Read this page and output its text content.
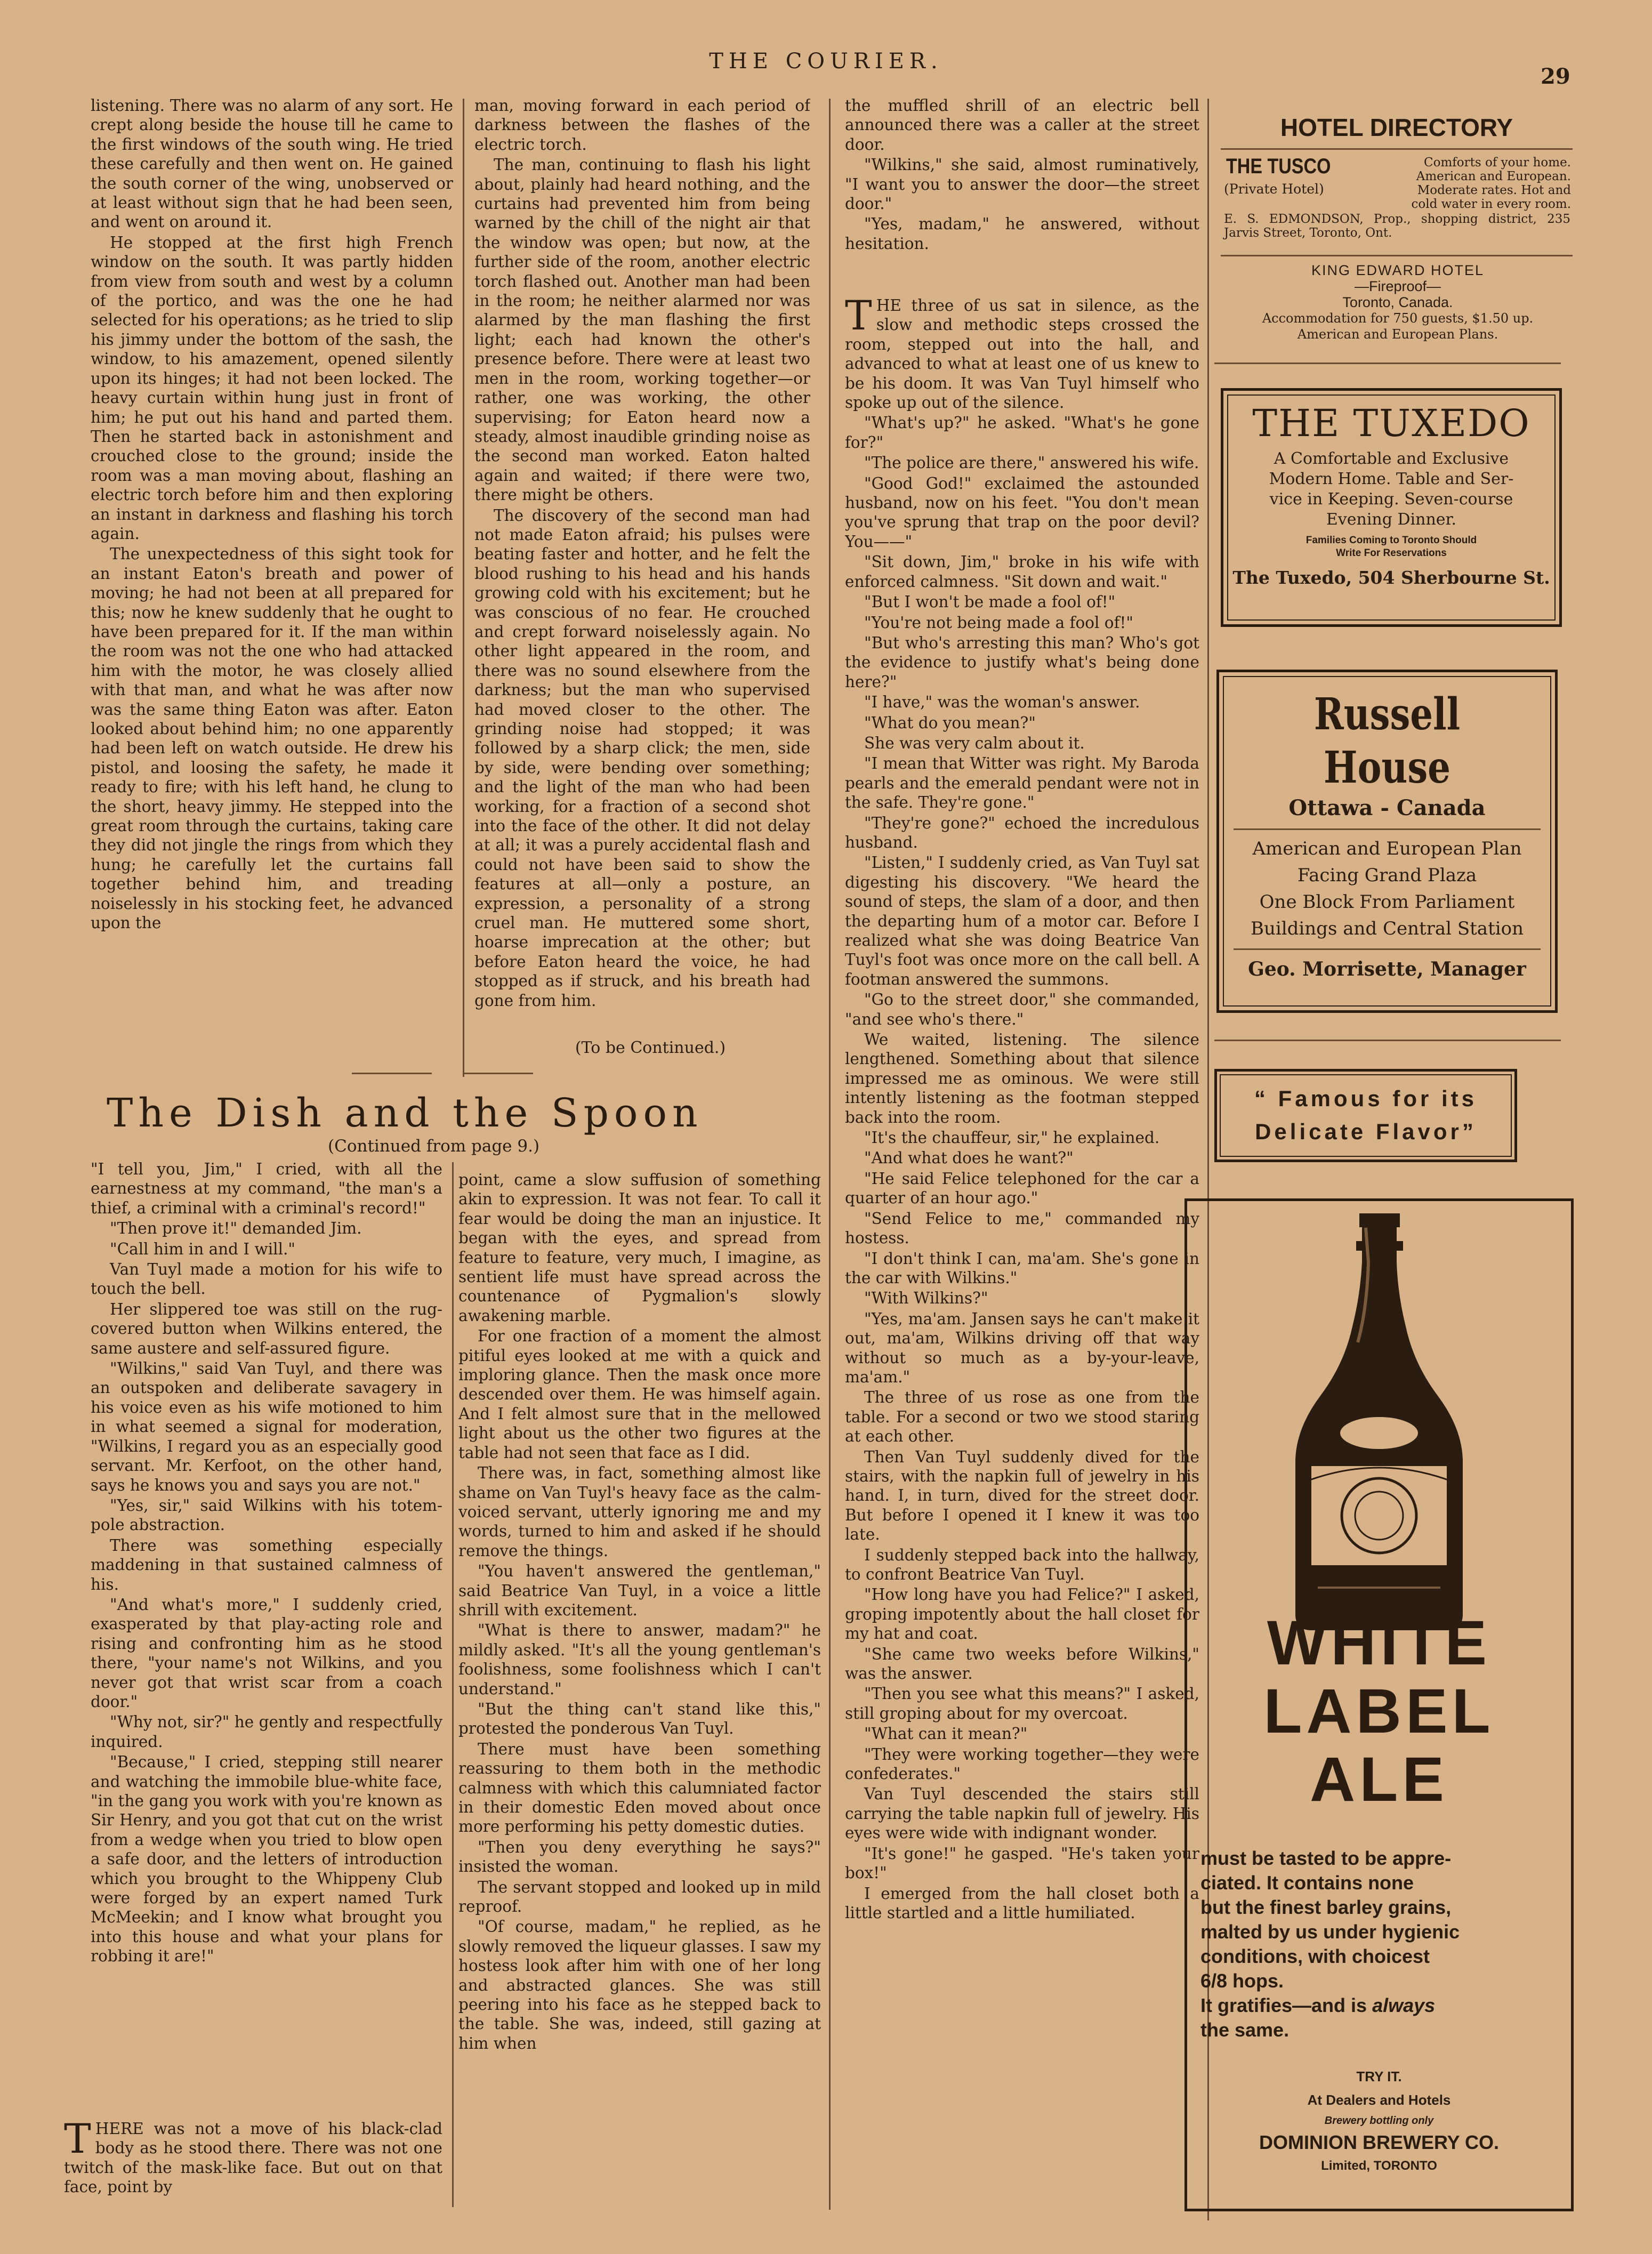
THE COURIER.
29

listening. There was no alarm of any sort. He crept along beside the house till he came to the first windows of the south wing. He tried these carefully and then went on. He gained the south corner of the wing, unobserved or at least without sign that he had been seen, and went on around it.

He stopped at the first high French window on the south. It was partly hidden from view from south and west by a column of the portico, and was the one he had selected for his operations; as he tried to slip his jimmy under the bottom of the sash, the window, to his amazement, opened silently upon its hinges; it had not been locked. The heavy curtain within hung just in front of him; he put out his hand and parted them. Then he started back in astonishment and crouched close to the ground; inside the room was a man moving about, flashing an electric torch before him and then exploring an instant in darkness and flashing his torch again.

The unexpectedness of this sight took for an instant Eaton's breath and power of moving; he had not been at all prepared for this; now he knew suddenly that he ought to have been prepared for it. If the man within the room was not the one who had attacked him with the motor, he was closely allied with that man, and what he was after now was the same thing Eaton was after. Eaton looked about behind him; no one apparently had been left on watch outside. He drew his pistol, and loosing the safety, he made it ready to fire; with his left hand, he clung to the short, heavy jimmy. He stepped into the great room through the curtains, taking care they did not jingle the rings from which they hung; he carefully let the curtains fall together behind him, and treading noiselessly in his stocking feet, he advanced upon the

man, moving forward in each period of darkness between the flashes of the electric torch.

The man, continuing to flash his light about, plainly had heard nothing, and the curtains had prevented him from being warned by the chill of the night air that the window was open; but now, at the further side of the room, another electric torch flashed out. Another man had been in the room; he neither alarmed nor was alarmed by the man flashing the first light; each had known the other's presence before. There were at least two men in the room, working together—or rather, one was working, the other supervising; for Eaton heard now a steady, almost inaudible grinding noise as the second man worked. Eaton halted again and waited; if there were two, there might be others.

The discovery of the second man had not made Eaton afraid; his pulses were beating faster and hotter, and he felt the blood rushing to his head and his hands growing cold with his excitement; but he was conscious of no fear. He crouched and crept forward noiselessly again. No other light appeared in the room, and there was no sound elsewhere from the darkness; but the man who supervised had moved closer to the other. The grinding noise had stopped; it was followed by a sharp click; the men, side by side, were bending over something; and the light of the man who had been working, for a fraction of a second shot into the face of the other. It did not delay at all; it was a purely accidental flash and could not have been said to show the features at all—only a posture, an expression, a personality of a strong cruel man. He muttered some short, hoarse imprecation at the other; but before Eaton heard the voice, he had stopped as if struck, and his breath had gone from him.

(To be Continued.)
The Dish and the Spoon
(Continued from page 9.)

"I tell you, Jim," I cried, with all the earnestness at my command, "the man's a thief, a criminal with a criminal's record!"

"Then prove it!" demanded Jim.

"Call him in and I will."

Van Tuyl made a motion for his wife to touch the bell.

Her slippered toe was still on the rug-covered button when Wilkins entered, the same austere and self-assured figure.

"Wilkins," said Van Tuyl, and there was an outspoken and deliberate savagery in his voice even as his wife motioned to him in what seemed a signal for moderation, "Wilkins, I regard you as an especially good servant. Mr. Kerfoot, on the other hand, says he knows you and says you are not."

"Yes, sir," said Wilkins with his totem-pole abstraction.

There was something especially maddening in that sustained calmness of his.

"And what's more," I suddenly cried, exasperated by that play-acting role and rising and confronting him as he stood there, "your name's not Wilkins, and you never got that wrist scar from a coach door."

"Why not, sir?" he gently and respectfully inquired.

"Because," I cried, stepping still nearer and watching the immobile blue-white face, "in the gang you work with you're known as Sir Henry, and you got that cut on the wrist from a wedge when you tried to blow open a safe door, and the letters of introduction which you brought to the Whippeny Club were forged by an expert named Turk McMeekin; and I know what brought you into this house and what your plans for robbing it are!"

THERE was not a move of his black-clad body as he stood there. There was not one twitch of the mask-like face. But out on that face, point by

point, came a slow suffusion of something akin to expression. It was not fear. To call it fear would be doing the man an injustice. It began with the eyes, and spread from feature to feature, very much, I imagine, as sentient life must have spread across the countenance of Pygmalion's slowly awakening marble.

For one fraction of a moment the almost pitiful eyes looked at me with a quick and imploring glance. Then the mask once more descended over them. He was himself again. And I felt almost sure that in the mellowed light about us the other two figures at the table had not seen that face as I did.

There was, in fact, something almost like shame on Van Tuyl's heavy face as the calm-voiced servant, utterly ignoring me and my words, turned to him and asked if he should remove the things.

"You haven't answered the gentleman," said Beatrice Van Tuyl, in a voice a little shrill with excitement.

"What is there to answer, madam?" he mildly asked. "It's all the young gentleman's foolishness, some foolishness which I can't understand."

"But the thing can't stand like this," protested the ponderous Van Tuyl.

There must have been something reassuring to them both in the methodic calmness with which this calumniated factor in their domestic Eden moved about once more performing his petty domestic duties.

"Then you deny everything he says?" insisted the woman.

The servant stopped and looked up in mild reproof.

"Of course, madam," he replied, as he slowly removed the liqueur glasses. I saw my hostess look after him with one of her long and abstracted glances. She was still peering into his face as he stepped back to the table. She was, indeed, still gazing at him when

the muffled shrill of an electric bell announced there was a caller at the street door.

"Wilkins," she said, almost ruminatively, "I want you to answer the door—the street door."

"Yes, madam," he answered, without hesitation.

THE three of us sat in silence, as the slow and methodic steps crossed the room, stepped out into the hall, and advanced to what at least one of us knew to be his doom. It was Van Tuyl himself who spoke up out of the silence.

"What's up?" he asked. "What's he gone for?"

"The police are there," answered his wife.

"Good God!" exclaimed the astounded husband, now on his feet. "You don't mean you've sprung that trap on the poor devil? You——"

"Sit down, Jim," broke in his wife with enforced calmness. "Sit down and wait."

"But I won't be made a fool of!"

"You're not being made a fool of!"

"But who's arresting this man? Who's got the evidence to justify what's being done here?"

"I have," was the woman's answer.

"What do you mean?"

She was very calm about it.

"I mean that Witter was right. My Baroda pearls and the emerald pendant were not in the safe. They're gone."

"They're gone?" echoed the incredulous husband.

"Listen," I suddenly cried, as Van Tuyl sat digesting his discovery. "We heard the sound of steps, the slam of a door, and then the departing hum of a motor car. Before I realized what she was doing Beatrice Van Tuyl's foot was once more on the call bell. A footman answered the summons.

"Go to the street door," she commanded, "and see who's there."

We waited, listening. The silence lengthened. Something about that silence impressed me as ominous. We were still intently listening as the footman stepped back into the room.

"It's the chauffeur, sir," he explained.

"And what does he want?"

"He said Felice telephoned for the car a quarter of an hour ago."

"Send Felice to me," commanded my hostess.

"I don't think I can, ma'am. She's gone in the car with Wilkins."

"With Wilkins?"

"Yes, ma'am. Jansen says he can't make it out, ma'am, Wilkins driving off that way without so much as a by-your-leave, ma'am."

The three of us rose as one from the table. For a second or two we stood staring at each other.

Then Van Tuyl suddenly dived for the stairs, with the napkin full of jewelry in his hand. I, in turn, dived for the street door. But before I opened it I knew it was too late.

I suddenly stepped back into the hallway, to confront Beatrice Van Tuyl.

"How long have you had Felice?" I asked, groping impotently about the hall closet for my hat and coat.

"She came two weeks before Wilkins," was the answer.

"Then you see what this means?" I asked, still groping about for my overcoat.

"What can it mean?"

"They were working together—they were confederates."

Van Tuyl descended the stairs still carrying the table napkin full of jewelry. His eyes were wide with indignant wonder.

"It's gone!" he gasped. "He's taken your box!"

I emerged from the hall closet both a little startled and a little humiliated.

HOTEL DIRECTORY
THE TUSCO
(Private Hotel)
Comforts of your home.
American and European.
Moderate rates. Hot and
cold water in every room.
E. S. EDMONDSON, Prop., shopping district, 235 Jarvis Street, Toronto, Ont.
KING EDWARD HOTEL
—Fireproof—
Toronto, Canada.
Accommodation for 750 guests, $1.50 up.
American and European Plans.
THE TUXEDO
A Comfortable and Exclusive
Modern Home. Table and Ser-
vice in Keeping. Seven-course
Evening Dinner.
Families Coming to Toronto Should
Write For Reservations
The Tuxedo, 504 Sherbourne St.
Russell House
Ottawa - Canada
American and European Plan
Facing Grand Plaza
One Block From Parliament
Buildings and Central Station
Geo. Morrisette, Manager
“ Famous for its
Delicate Flavor”
WHITE
LABEL
ALE
must be tasted to be appre-
ciated. It contains none
but the finest barley grains,
malted by us under hygienic
conditions, with choicest
6/8 hops.
It gratifies—and is always
the same.
TRY IT.
At Dealers and Hotels
Brewery bottling only
DOMINION BREWERY CO.
Limited, TORONTO
